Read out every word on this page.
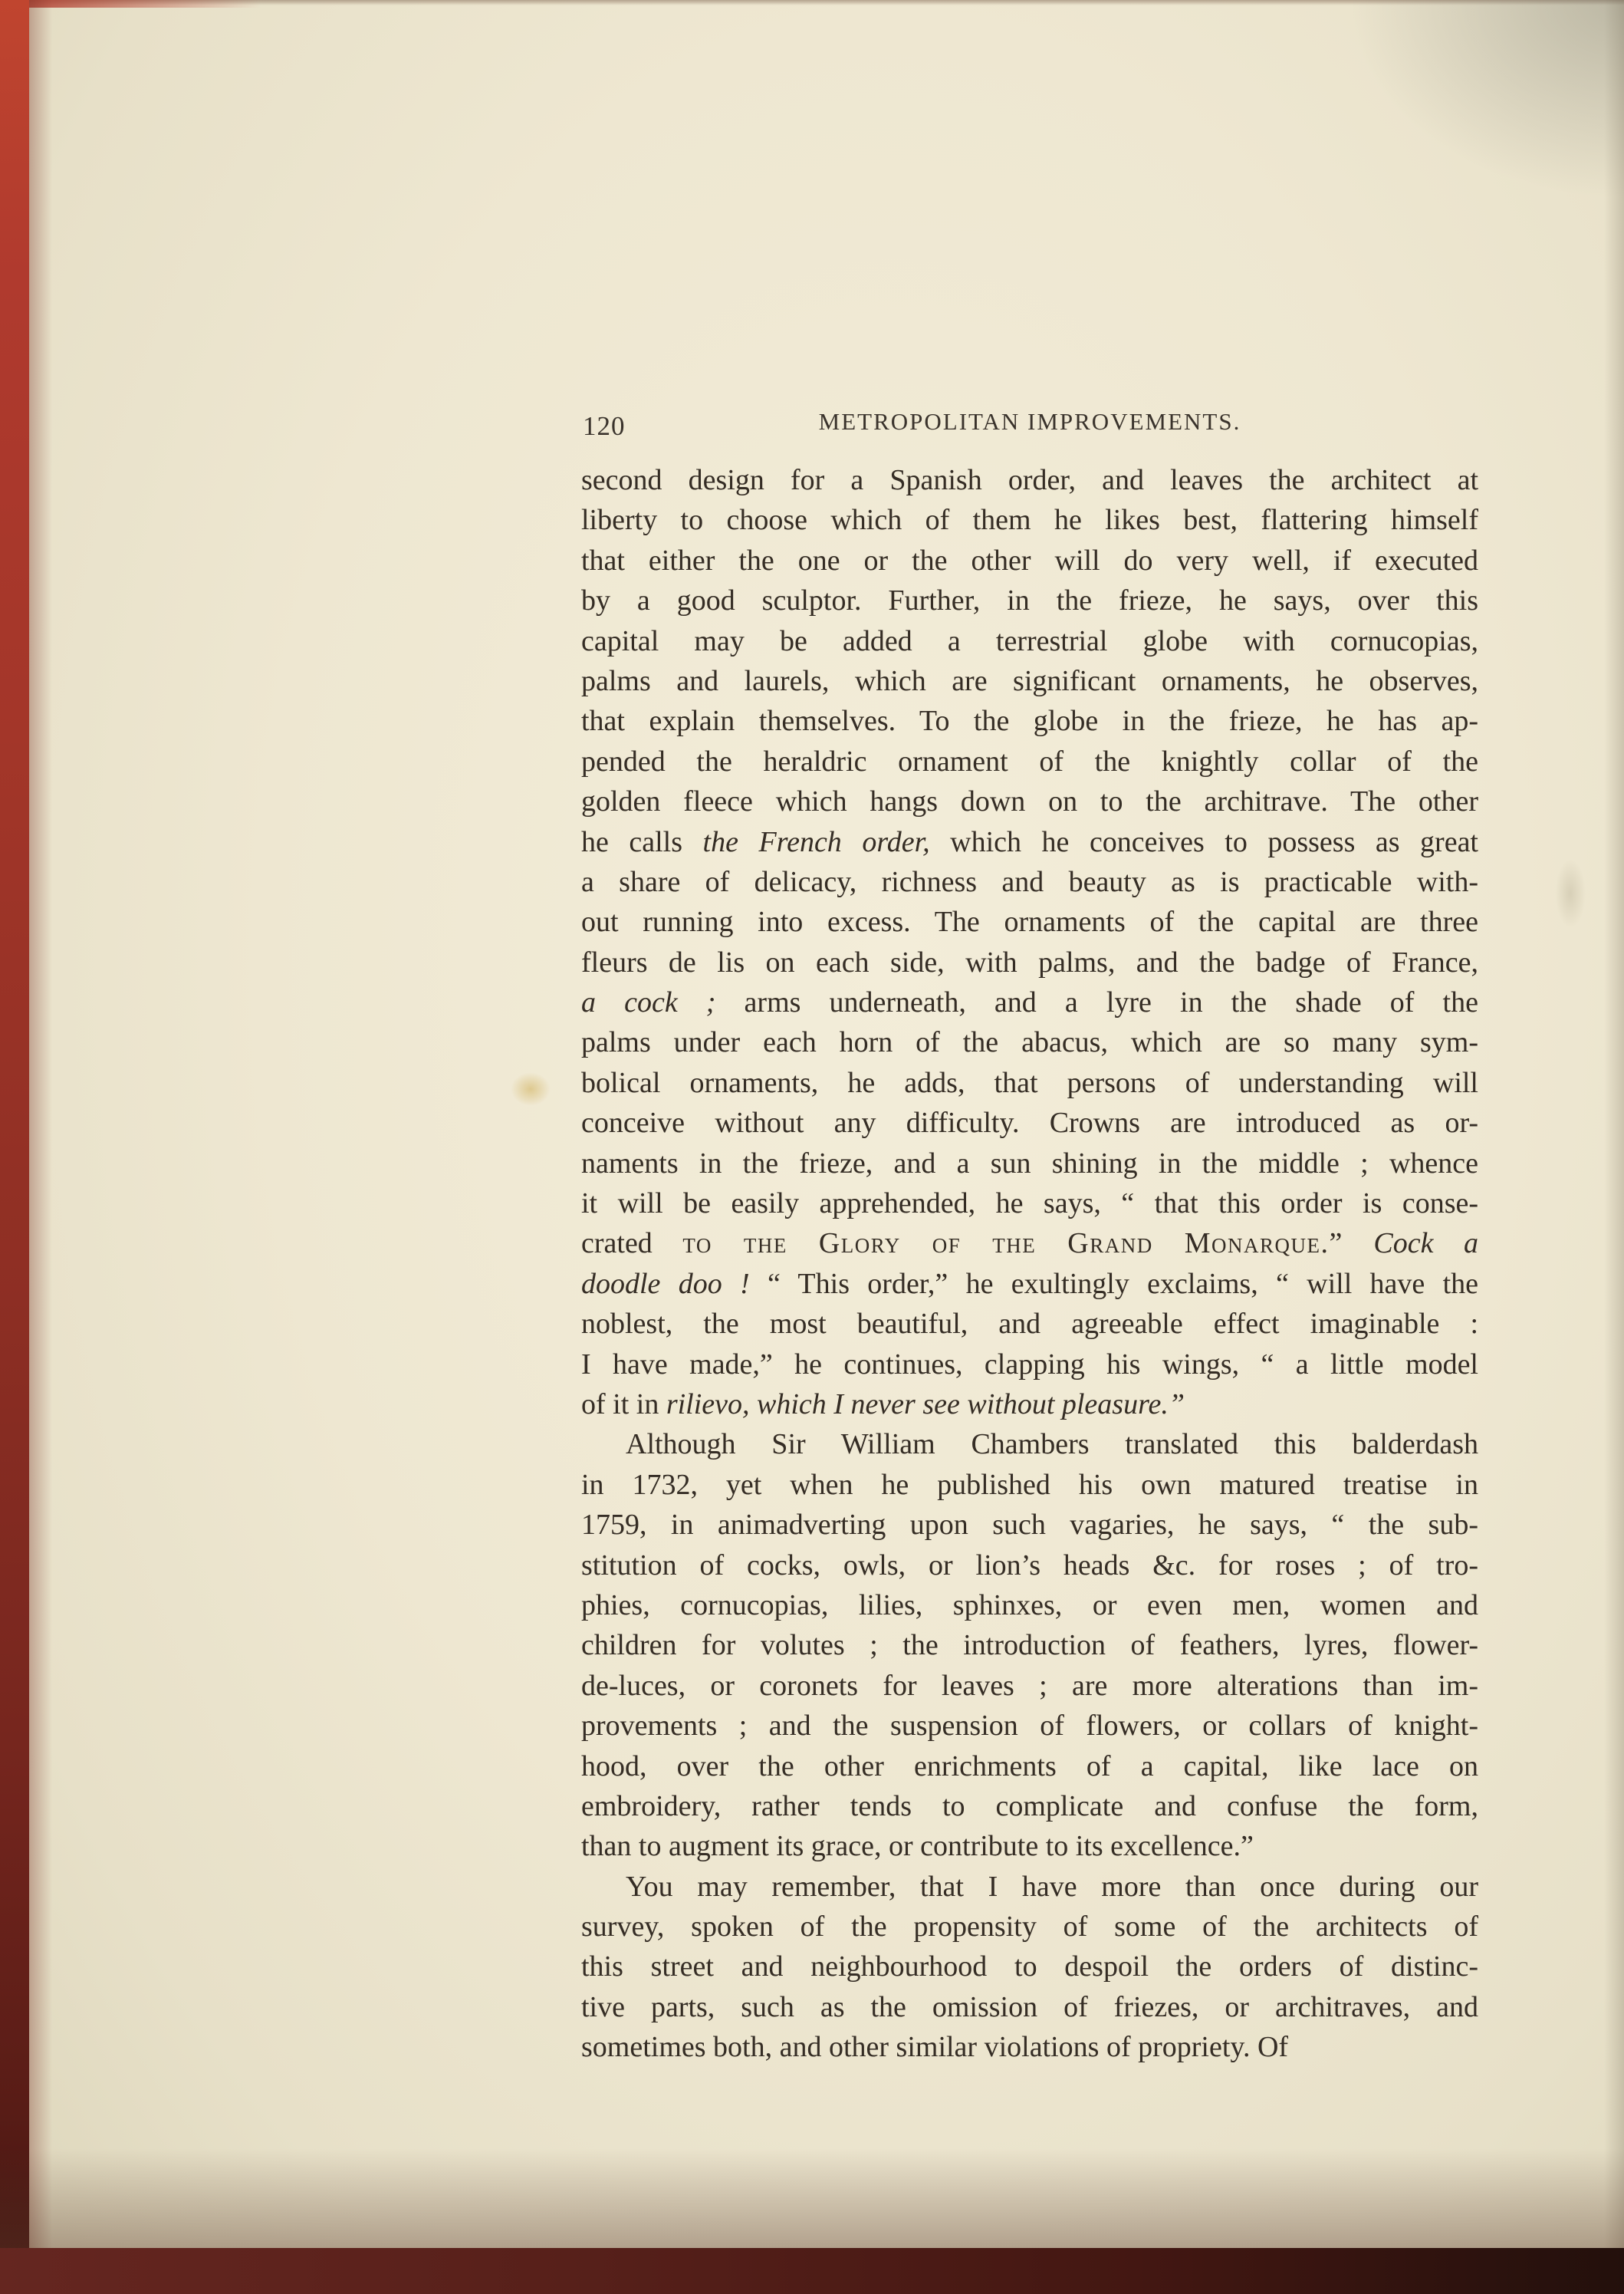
120	METROPOLITAN IMPROVEMENTS.
second design for a Spanish order, and leaves the architect at
liberty to choose which of them he likes best, flattering himself
that either the one or the other will do very well, if executed
by a good sculptor. Further, in the frieze, he says, over this
capital may be added a terrestrial globe with cornucopias,
palms and laurels, which are significant ornaments, he observes,
that explain themselves. To the globe in the frieze, he has ap-
pended the heraldric ornament of the knightly collar of the
golden fleece which hangs down on to the architrave. The other
he calls the French order, which he conceives to possess as great
a share of delicacy, richness and beauty as is practicable with-
out running into excess. The ornaments of the capital are three
fleurs de lis on each side, with palms, and the badge of France,
a cock ; arms underneath, and a lyre in the shade of the
palms under each horn of the abacus, which are so many sym-
bolical ornaments, he adds, that persons of understanding will
conceive without any difficulty. Crowns are introduced as or-
naments in the frieze, and a sun shining in the middle ; whence
it will be easily apprehended, he says, “ that this order is conse-
crated to the Glory of the Grand Monarque.” Cock a
doodle doo ! “ This order,” he exultingly exclaims, “ will have the
noblest, the most beautiful, and agreeable effect imaginable :
I have made,” he continues, clapping his wings, “ a little model
of it in rilievo, which I never see without pleasure.”
Although Sir William Chambers translated this balderdash
in 1732, yet when he published his own matured treatise in
1759, in animadverting upon such vagaries, he says, “ the sub-
stitution of cocks, owls, or lion’s heads &c. for roses ; of tro-
phies, cornucopias, lilies, sphinxes, or even men, women and
children for volutes ; the introduction of feathers, lyres, flower-
de-luces, or coronets for leaves ; are more alterations than im-
provements ; and the suspension of flowers, or collars of knight-
hood, over the other enrichments of a capital, like lace on
embroidery, rather tends to complicate and confuse the form,
than to augment its grace, or contribute to its excellence.”
You may remember, that I have more than once during our
survey, spoken of the propensity of some of the architects of
this street and neighbourhood to despoil the orders of distinc-
tive parts, such as the omission of friezes, or architraves, and
sometimes both, and other similar violations of propriety. Of
